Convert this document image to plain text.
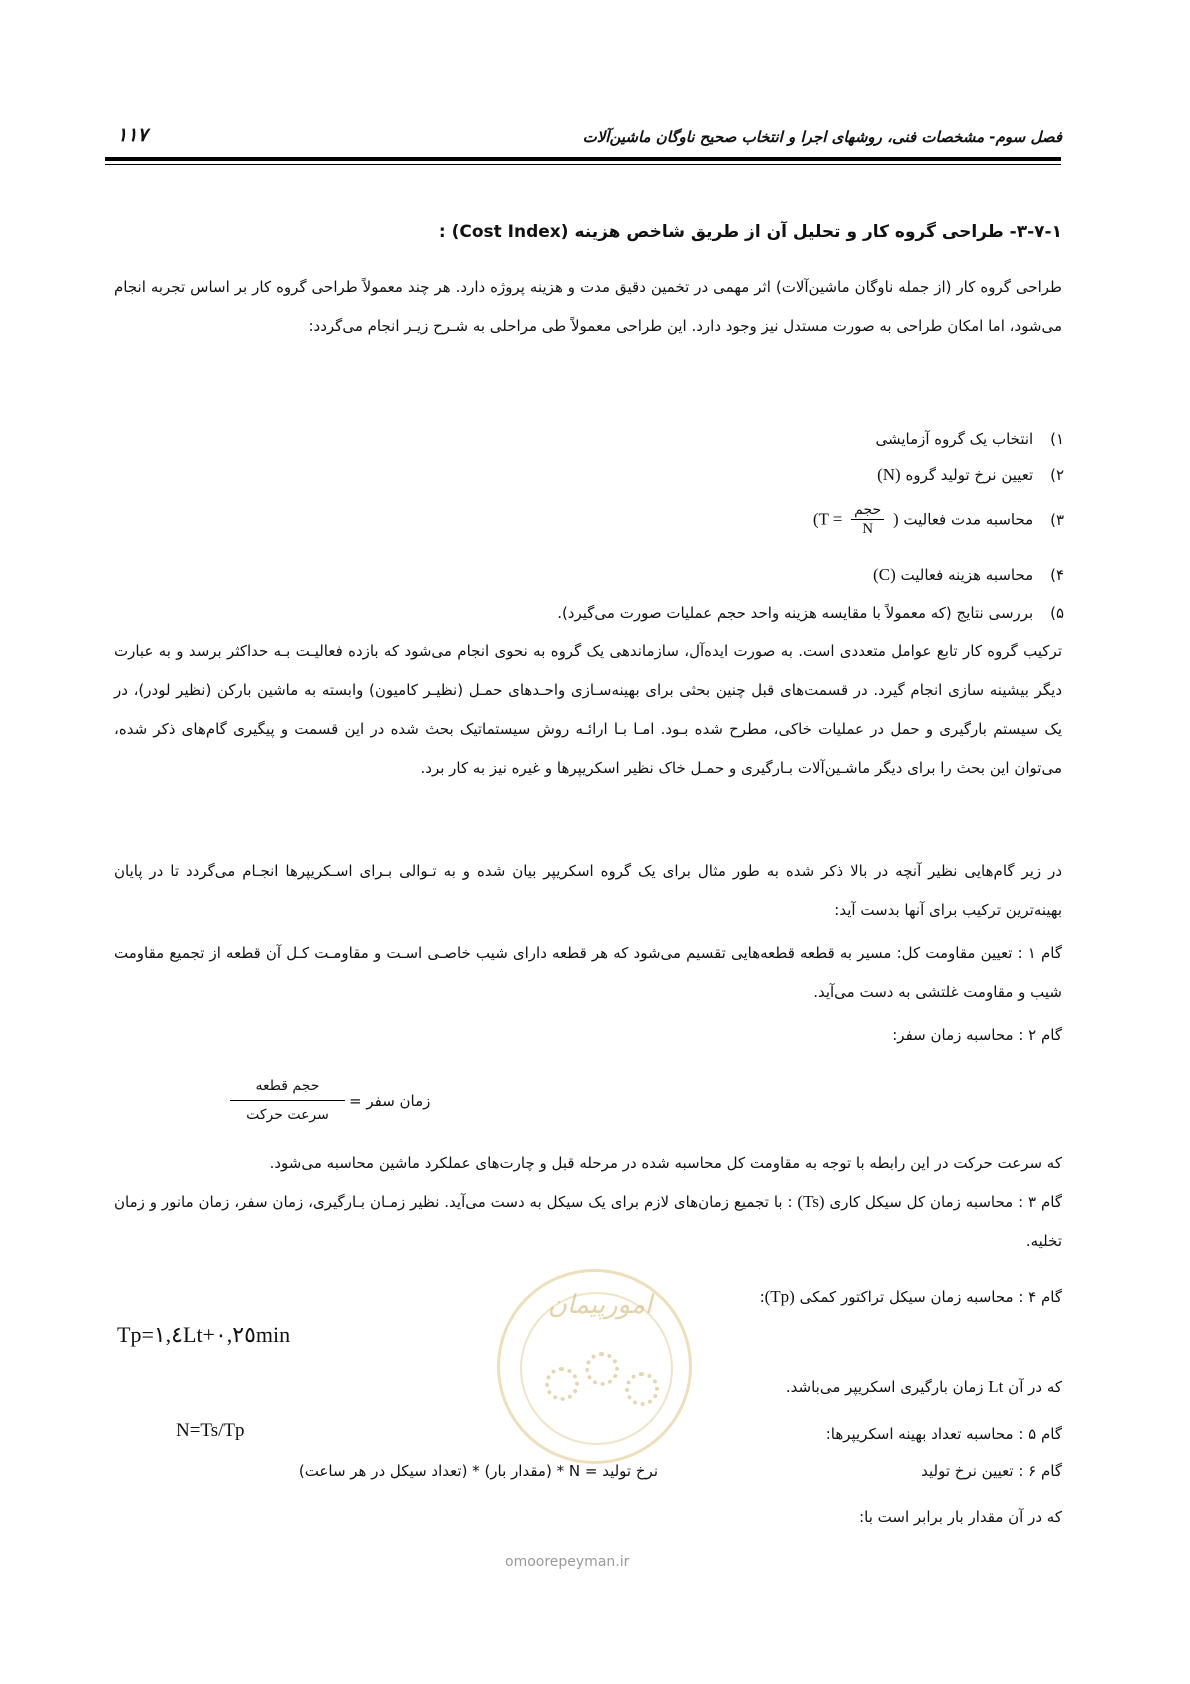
فصل سوم- مشخصات فنی، روشهای اجرا و انتخاب صحیح ناوگان ماشین‌آلات
۱۱۷
۳-۷-۱- طراحی گروه کار و تحلیل آن از طریق شاخص هزینه (Cost Index) :
طراحی گروه کار (از جمله ناوگان ماشین‌آلات) اثر مهمی در تخمین دقیق مدت و هزینه پروژه دارد. هر چند معمولاً طراحی گروه کار بر اساس تجربه انجام می‌شود، اما امکان طراحی به صورت مستدل نیز وجود دارد. این طراحی معمولاً طی مراحلی به شـرح زیـر انجام می‌گردد:
۱) انتخاب یک گروه آزمایشی
۲) تعیین نرخ تولید گروه (N)
۳) محاسبه مدت فعالیت ($T = \frac{\text{حجم}}{N}$ )
۴) محاسبه هزینه فعالیت (C)
۵) بررسی نتایج (که معمولاً با مقایسه هزینه واحد حجم عملیات صورت می‌گیرد).
ترکیب گروه کار تابع عوامل متعددی است. به صورت ایده‌آل، سازماندهی یک گروه به نحوی انجام می‌شود که بازده فعالیـت بـه حداکثر برسد و به عبارت دیگر بیشینه سازی انجام گیرد. در قسمت‌های قبل چنین بحثی برای بهینه‌سـازی واحـدهای حمـل (نظیـر کامیون) وابسته به ماشین بارکن (نظیر لودر)، در یک سیستم بارگیری و حمل در عملیات خاکی، مطرح شده بـود. امـا بـا ارائـه روش سیستماتیک بحث شده در این قسمت و پیگیری گام‌های ذکر شده، می‌توان این بحث را برای دیگر ماشـین‌آلات بـارگیری و حمـل خاک نظیر اسکریپرها و غیره نیز به کار برد.
در زیر گام‌هایی نظیر آنچه در بالا ذکر شده به طور مثال برای یک گروه اسکریپر بیان شده و به تـوالی بـرای اسـکریپرها انجـام می‌گردد تا در پایان بهینه‌ترین ترکیب برای آنها بدست آید:
گام ۱ : تعیین مقاومت کل: مسیر به قطعه قطعه‌هایی تقسیم می‌شود که هر قطعه دارای شیب خاصـی اسـت و مقاومـت کـل آن قطعه از تجمیع مقاومت شیب و مقاومت غلتشی به دست می‌آید.
گام ۲ : محاسبه زمان سفر:
زمان سفر =
$\frac{\text{حجم قطعه}}{\text{سرعت حرکت}}$
که سرعت حرکت در این رابطه با توجه به مقاومت کل محاسبه شده در مرحله قبل و چارت‌های عملکرد ماشین محاسبه می‌شود.
گام ۳ : محاسبه زمان کل سیکل کاری (Ts) : با تجمیع زمان‌های لازم برای یک سیکل به دست می‌آید. نظیر زمـان بـارگیری، زمان سفر، زمان مانور و زمان تخلیه.
گام ۴ : محاسبه زمان سیکل تراکتور کمکی (Tp):
Tp=۱,٤Lt+۰,۲٥min
امورپیمان
که در آن Lt زمان بارگیری اسکریپر می‌باشد.
گام ۵ : محاسبه تعداد بهینه اسکریپرها:
N=Ts/Tp
گام ۶ : تعیین نرخ تولید
نرخ تولید = N * (مقدار بار) * (تعداد سیکل در هر ساعت)
که در آن مقدار بار برابر است با:
omoorepeyman.ir
